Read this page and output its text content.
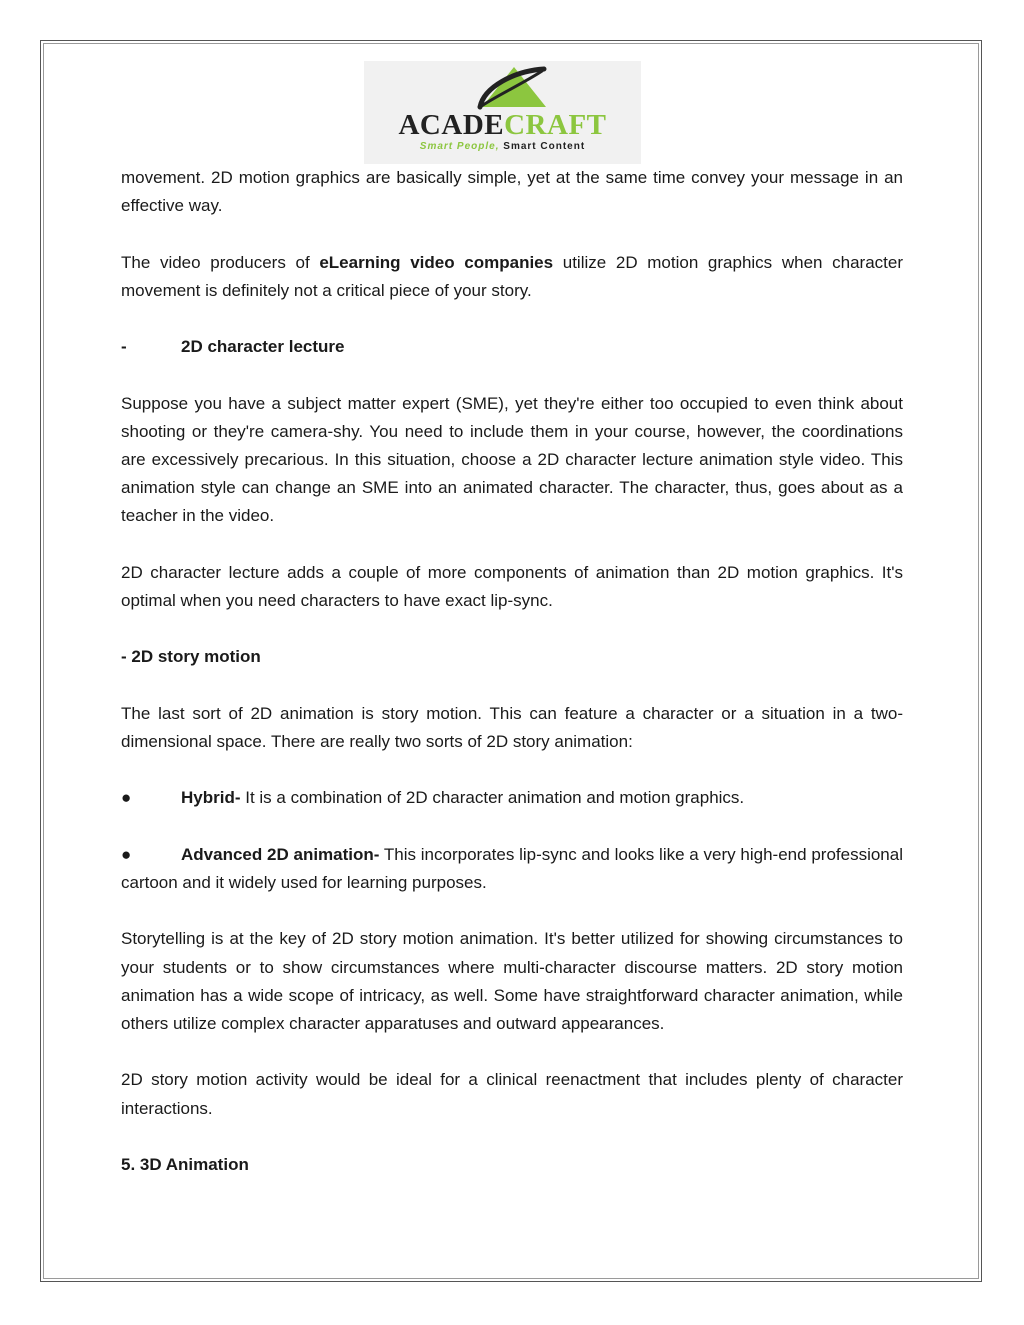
ACADECRAFT
Smart People, Smart Content

movement. 2D motion graphics are basically simple, yet at the same time convey your message in an effective way.

The video producers of eLearning video companies utilize 2D motion graphics when character movement is definitely not a critical piece of your story.

-	2D character lecture

Suppose you have a subject matter expert (SME), yet they're either too occupied to even think about shooting or they're camera-shy. You need to include them in your course, however, the coordinations are excessively precarious. In this situation, choose a 2D character lecture animation style video. This animation style can change an SME into an animated character. The character, thus, goes about as a teacher in the video.

2D character lecture adds a couple of more components of animation than 2D motion graphics. It's optimal when you need characters to have exact lip-sync.

- 2D story motion

The last sort of 2D animation is story motion. This can feature a character or a situation in a two-dimensional space. There are really two sorts of 2D story animation:

●	Hybrid- It is a combination of 2D character animation and motion graphics.

●	Advanced 2D animation- This incorporates lip-sync and looks like a very high-end professional cartoon and it widely used for learning purposes.

Storytelling is at the key of 2D story motion animation. It's better utilized for showing circumstances to your students or to show circumstances where multi-character discourse matters. 2D story motion animation has a wide scope of intricacy, as well. Some have straightforward character animation, while others utilize complex character apparatuses and outward appearances.

2D story motion activity would be ideal for a clinical reenactment that includes plenty of character interactions.

5. 3D Animation
